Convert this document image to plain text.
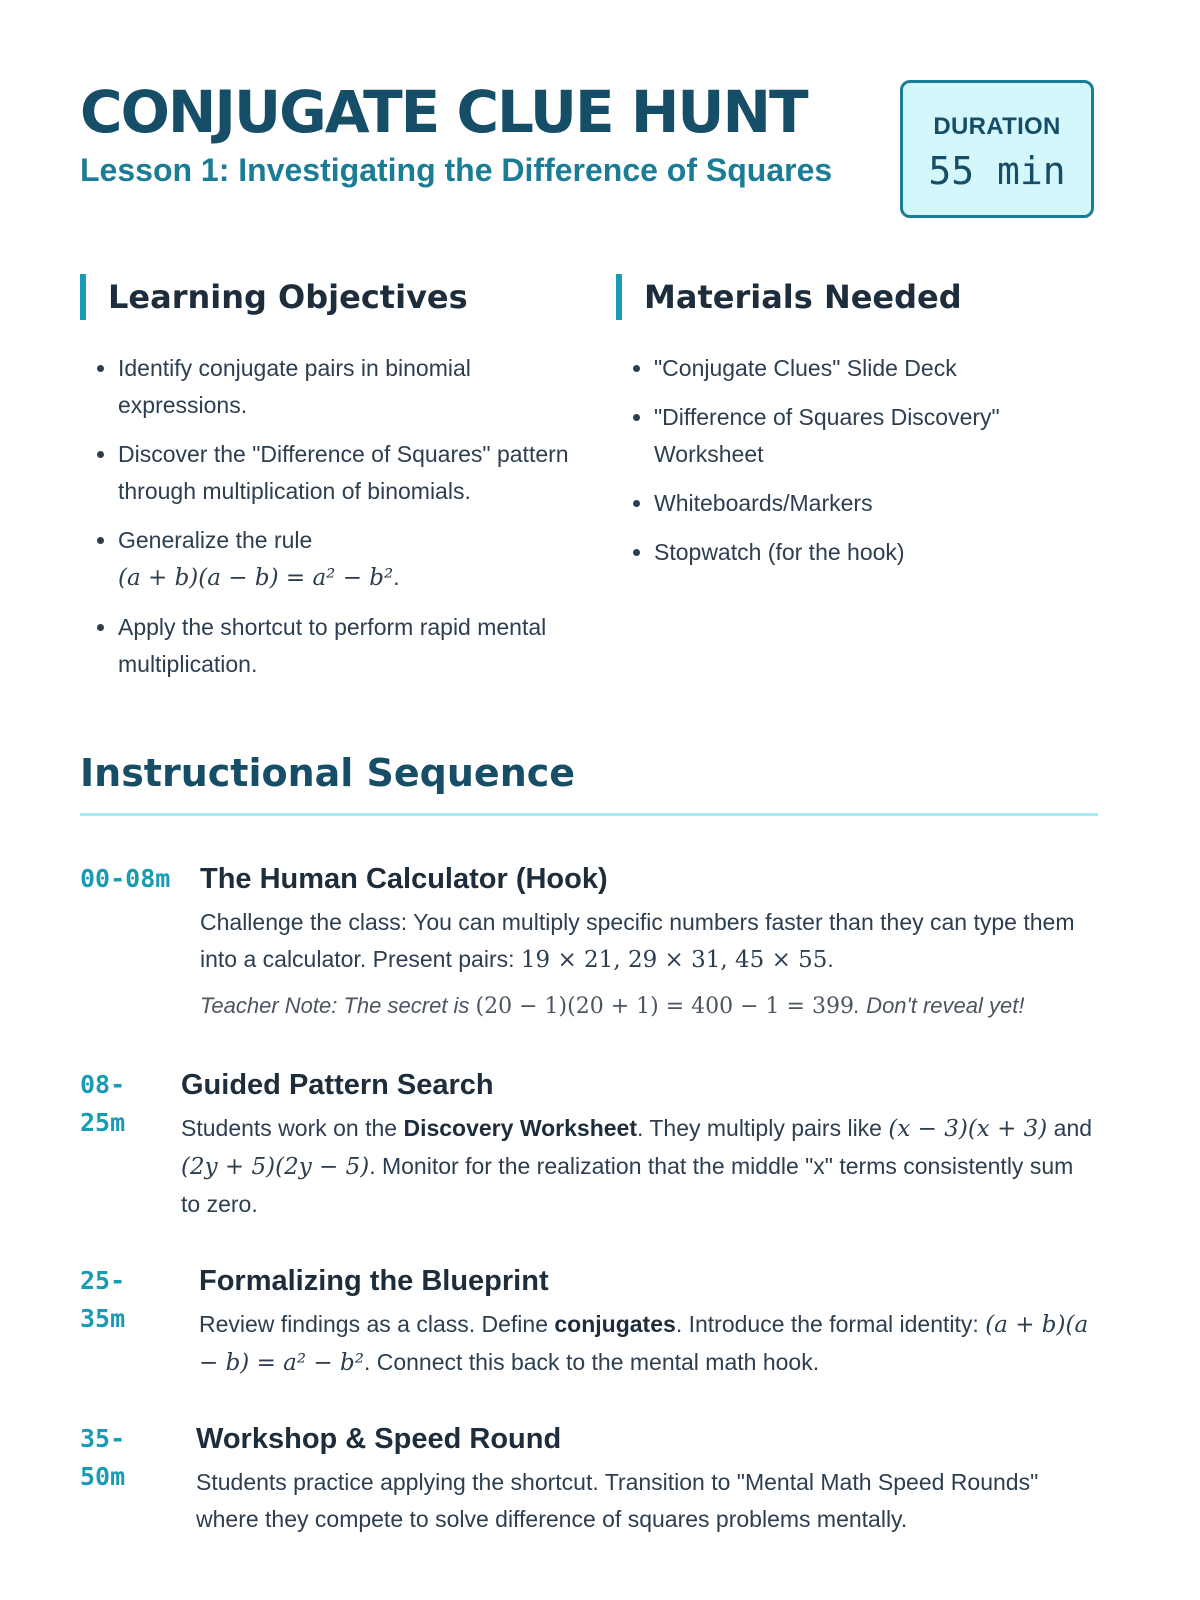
CONJUGATE CLUE HUNT
Lesson 1: Investigating the Difference of Squares
DURATION
55 min
Learning Objectives
• Identify conjugate pairs in binomial expressions.
• Discover the "Difference of Squares" pattern through multiplication of binomials.
• Generalize the rule
(a + b)(a − b) = a² − b².
• Apply the shortcut to perform rapid mental multiplication.
Materials Needed
• "Conjugate Clues" Slide Deck
• "Difference of Squares Discovery" Worksheet
• Whiteboards/Markers
• Stopwatch (for the hook)
Instructional Sequence
00-08m The Human Calculator (Hook)

Challenge the class: You can multiply specific numbers faster than they can type them into a calculator. Present pairs: 19 × 21, 29 × 31, 45 × 55.

Teacher Note: The secret is (20 − 1)(20 + 1) = 400 − 1 = 399. Don't reveal yet!

08-
25m
Guided Pattern Search

Students work on the Discovery Worksheet. They multiply pairs like (x − 3)(x + 3) and (2y + 5)(2y − 5). Monitor for the realization that the middle "x" terms consistently sum to zero.

25-
35m
Formalizing the Blueprint

Review findings as a class. Define conjugates. Introduce the formal identity: (a + b)(a − b) = a² − b². Connect this back to the mental math hook.

35-
50m
Workshop & Speed Round

Students practice applying the shortcut. Transition to "Mental Math Speed Rounds" where they compete to solve difference of squares problems mentally.
